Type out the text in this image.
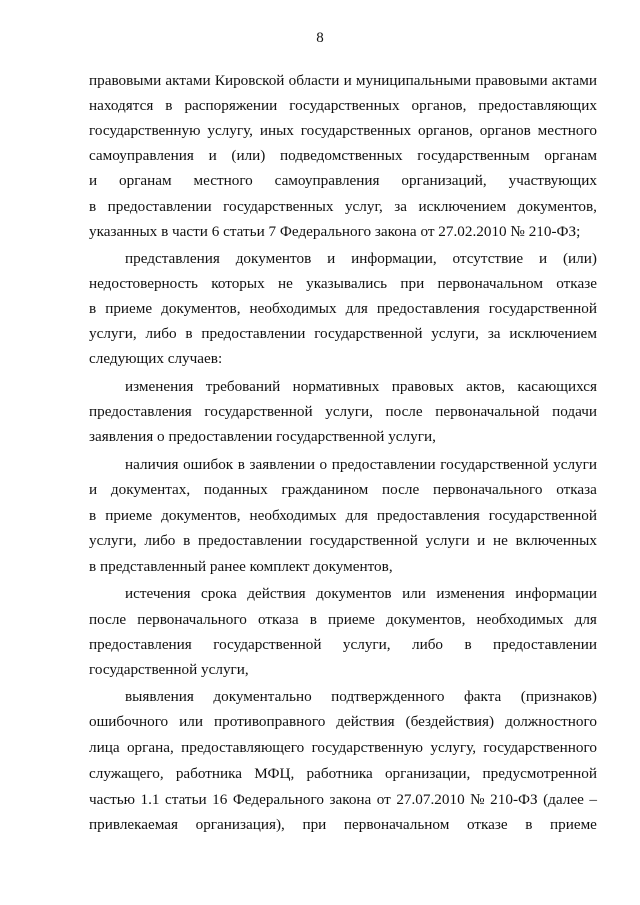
8
правовыми актами Кировской области и муниципальными правовыми актами
находятся в распоряжении государственных органов, предоставляющих
государственную услугу, иных государственных органов, органов местного
самоуправления и (или) подведомственных государственным органам
и органам местного самоуправления организаций, участвующих
в предоставлении государственных услуг, за исключением документов,
указанных в части 6 статьи 7 Федерального закона от 27.02.2010 № 210-ФЗ;
представления документов и информации, отсутствие и (или)
недостоверность которых не указывались при первоначальном отказе
в приеме документов, необходимых для предоставления государственной
услуги, либо в предоставлении государственной услуги, за исключением
следующих случаев:
изменения требований нормативных правовых актов, касающихся
предоставления государственной услуги, после первоначальной подачи
заявления о предоставлении государственной услуги,
наличия ошибок в заявлении о предоставлении государственной услуги
и документах, поданных гражданином после первоначального отказа
в приеме документов, необходимых для предоставления государственной
услуги, либо в предоставлении государственной услуги и не включенных
в представленный ранее комплект документов,
истечения срока действия документов или изменения информации
после первоначального отказа в приеме документов, необходимых для
предоставления государственной услуги, либо в предоставлении
государственной услуги,
выявления документально подтвержденного факта (признаков)
ошибочного или противоправного действия (бездействия) должностного
лица органа, предоставляющего государственную услугу, государственного
служащего, работника МФЦ, работника организации, предусмотренной
частью 1.1 статьи 16 Федерального закона от 27.07.2010 № 210-ФЗ (далее –
привлекаемая организация), при первоначальном отказе в приеме
